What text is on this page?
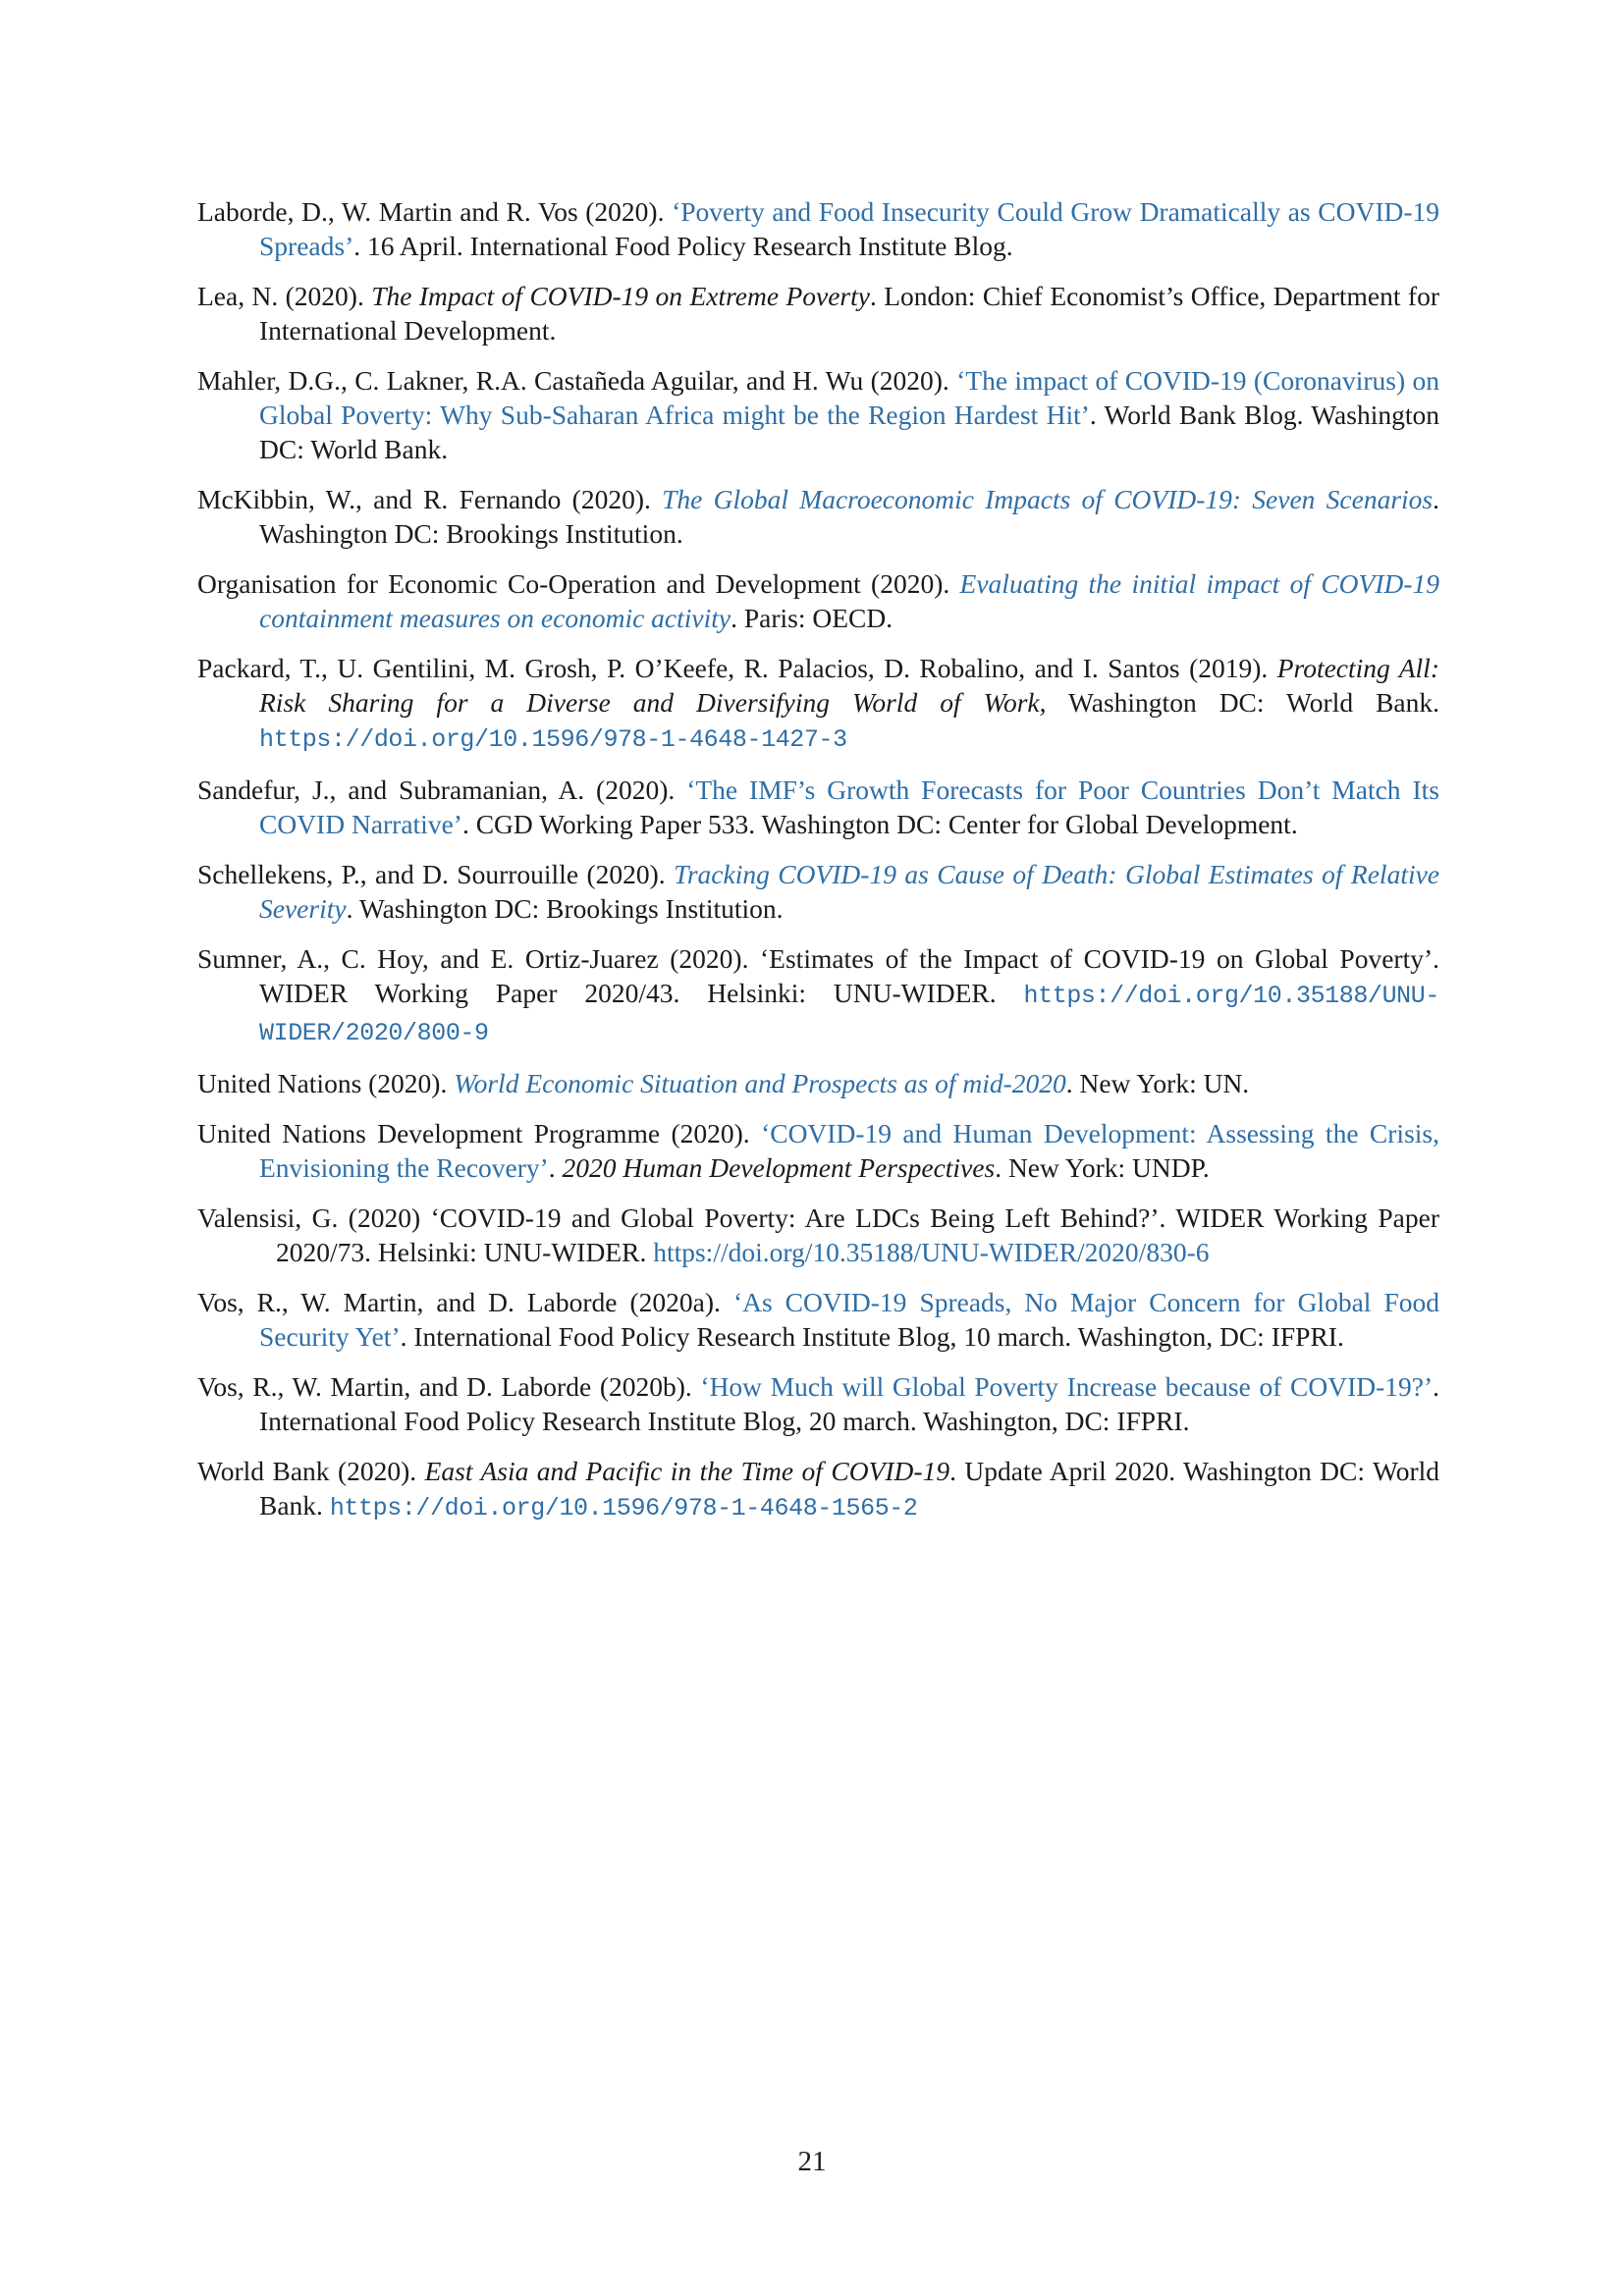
Laborde, D., W. Martin and R. Vos (2020). ‘Poverty and Food Insecurity Could Grow Dramatically as COVID-19 Spreads’. 16 April. International Food Policy Research Institute Blog.

Lea, N. (2020). The Impact of COVID-19 on Extreme Poverty. London: Chief Economist’s Office, Department for International Development.

Mahler, D.G., C. Lakner, R.A. Castañeda Aguilar, and H. Wu (2020). ‘The impact of COVID-19 (Coronavirus) on Global Poverty: Why Sub-Saharan Africa might be the Region Hardest Hit’. World Bank Blog. Washington DC: World Bank.

McKibbin, W., and R. Fernando (2020). The Global Macroeconomic Impacts of COVID-19: Seven Scenarios. Washington DC: Brookings Institution.

Organisation for Economic Co-Operation and Development (2020). Evaluating the initial impact of COVID-19 containment measures on economic activity. Paris: OECD.

Packard, T., U. Gentilini, M. Grosh, P. O’Keefe, R. Palacios, D. Robalino, and I. Santos (2019). Protecting All: Risk Sharing for a Diverse and Diversifying World of Work, Washington DC: World Bank. https://doi.org/10.1596/978-1-4648-1427-3

Sandefur, J., and Subramanian, A. (2020). ‘The IMF’s Growth Forecasts for Poor Countries Don’t Match Its COVID Narrative’. CGD Working Paper 533. Washington DC: Center for Global Development.

Schellekens, P., and D. Sourrouille (2020). Tracking COVID-19 as Cause of Death: Global Estimates of Relative Severity. Washington DC: Brookings Institution.

Sumner, A., C. Hoy, and E. Ortiz-Juarez (2020). ‘Estimates of the Impact of COVID-19 on Global Poverty’. WIDER Working Paper 2020/43. Helsinki: UNU-WIDER. https://doi.org/10.35188/UNU-WIDER/2020/800-9

United Nations (2020). World Economic Situation and Prospects as of mid-2020. New York: UN.

United Nations Development Programme (2020). ‘COVID-19 and Human Development: Assessing the Crisis, Envisioning the Recovery’. 2020 Human Development Perspectives. New York: UNDP.

Valensisi, G. (2020) ‘COVID-19 and Global Poverty: Are LDCs Being Left Behind?’. WIDER Working Paper 2020/73. Helsinki: UNU-WIDER. https://doi.org/10.35188/UNU-WIDER/2020/830-6

Vos, R., W. Martin, and D. Laborde (2020a). ‘As COVID-19 Spreads, No Major Concern for Global Food Security Yet’. International Food Policy Research Institute Blog, 10 march. Washington, DC: IFPRI.

Vos, R., W. Martin, and D. Laborde (2020b). ‘How Much will Global Poverty Increase because of COVID-19?’. International Food Policy Research Institute Blog, 20 march. Washington, DC: IFPRI.

World Bank (2020). East Asia and Pacific in the Time of COVID-19. Update April 2020. Washington DC: World Bank. https://doi.org/10.1596/978-1-4648-1565-2

21
